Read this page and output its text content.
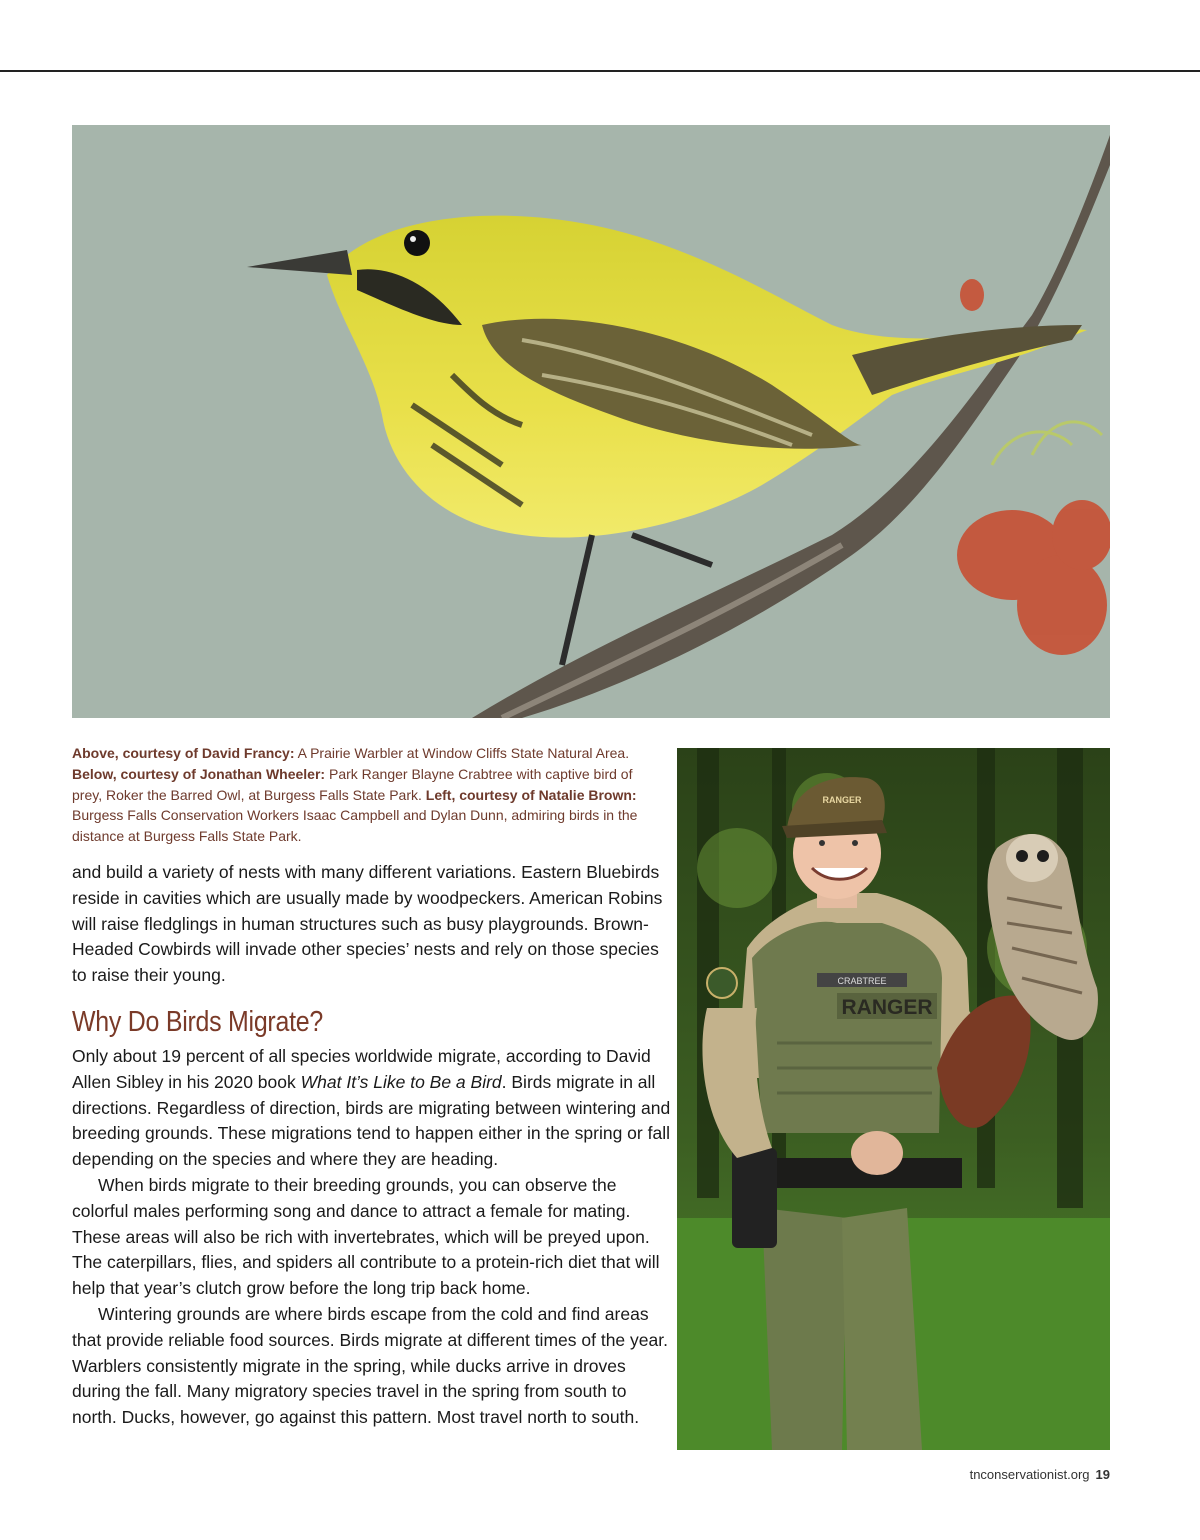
Above, courtesy of David Francy: A Prairie Warbler at Window Cliffs State Natural Area. Below, courtesy of Jonathan Wheeler: Park Ranger Blayne Crabtree with captive bird of prey, Roker the Barred Owl, at Burgess Falls State Park. Left, courtesy of Natalie Brown: Burgess Falls Conservation Workers Isaac Campbell and Dylan Dunn, admiring birds in the distance at Burgess Falls State Park.
CRABTREE
RANGER
RANGER

and build a variety of nests with many different variations. Eastern Bluebirds reside in cavities which are usually made by woodpeckers. American Robins will raise fledglings in human structures such as busy playgrounds. Brown-Headed Cowbirds will invade other species’ nests and rely on those species to raise their young.

Why Do Birds Migrate?

Only about 19 percent of all species worldwide migrate, according to David Allen Sibley in his 2020 book What It’s Like to Be a Bird. Birds migrate in all directions. Regardless of direction, birds are migrating between wintering and breeding grounds. These migrations tend to happen either in the spring or fall depending on the species and where they are heading.

When birds migrate to their breeding grounds, you can observe the colorful males performing song and dance to attract a female for mating. These areas will also be rich with invertebrates, which will be preyed upon. The caterpillars, flies, and spiders all contribute to a protein-rich diet that will help that year’s clutch grow before the long trip back home.

Wintering grounds are where birds escape from the cold and find areas that provide reliable food sources. Birds migrate at different times of the year. Warblers consistently migrate in the spring, while ducks arrive in droves during the fall. Many migratory species travel in the spring from south to north. Ducks, however, go against this pattern. Most travel north to south.

tnconservationist.org 19
